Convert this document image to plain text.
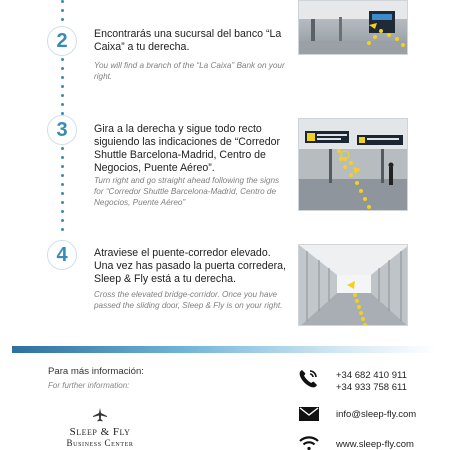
2	Encontrarás una sucursal del banco “La Caixa” a tu derecha.
You will find a branch of the “La Caixa” Bank on your right.
3	Gira a la derecha y sigue todo recto siguiendo las indicaciones de “Corredor Shuttle Barcelona-Madrid, Centro de Negocios, Puente Aéreo”.
Turn right and go straight ahead following the signs for “Corredor Shuttle Barcelona-Madrid, Centro de Negocios, Puente Aéreo”
4	Atraviese el puente-corredor elevado. Una vez has pasado la puerta corredera, Sleep & Fly está a tu derecha.
Cross the elevated bridge-corridor. Once you have passed the sliding door, Sleep & Fly is on your right.
Para más información:
For further information:
Sleep & Fly
Business Center
+34 682 410 911
+34 933 758 611
info@sleep-fly.com
www.sleep-fly.com
